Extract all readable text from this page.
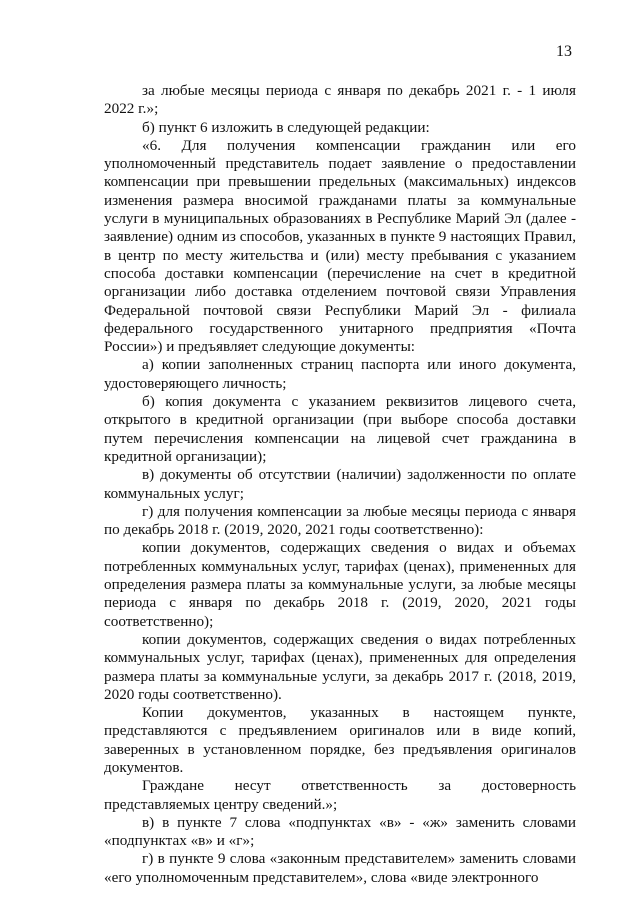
13

за любые месяцы периода с января по декабрь 2021 г. - 1 июля 2022 г.»;

б) пункт 6 изложить в следующей редакции:

«6. Для получения компенсации гражданин или его уполномоченный представитель подает заявление о предоставлении компенсации при превышении предельных (максимальных) индексов изменения размера вносимой гражданами платы за коммунальные услуги в муниципальных образованиях в Республике Марий Эл (далее - заявление) одним из способов, указанных в пункте 9 настоящих Правил, в центр по месту жительства и (или) месту пребывания с указанием способа доставки компенсации (перечисление на счет в кредитной организации либо доставка отделением почтовой связи Управления Федеральной почтовой связи Республики Марий Эл - филиала федерального государственного унитарного предприятия «Почта России») и предъявляет следующие документы:

а) копии заполненных страниц паспорта или иного документа, удостоверяющего личность;

б) копия документа с указанием реквизитов лицевого счета, открытого в кредитной организации (при выборе способа доставки путем перечисления компенсации на лицевой счет гражданина в кредитной организации);

в) документы об отсутствии (наличии) задолженности по оплате коммунальных услуг;

г) для получения компенсации за любые месяцы периода с января по декабрь 2018 г. (2019, 2020, 2021 годы соответственно):

копии документов, содержащих сведения о видах и объемах потребленных коммунальных услуг, тарифах (ценах), примененных для определения размера платы за коммунальные услуги, за любые месяцы периода с января по декабрь 2018 г. (2019, 2020, 2021 годы соответственно);

копии документов, содержащих сведения о видах потребленных коммунальных услуг, тарифах (ценах), примененных для определения размера платы за коммунальные услуги, за декабрь 2017 г. (2018, 2019, 2020 годы соответственно).

Копии документов, указанных в настоящем пункте, представляются с предъявлением оригиналов или в виде копий, заверенных в установленном порядке, без предъявления оригиналов документов.

Граждане несут ответственность за достоверность представляемых центру сведений.»;

в) в пункте 7 слова «подпунктах «в» - «ж» заменить словами «подпунктах «в» и «г»;

г) в пункте 9 слова «законным представителем» заменить словами «его уполномоченным представителем», слова «виде электронного
